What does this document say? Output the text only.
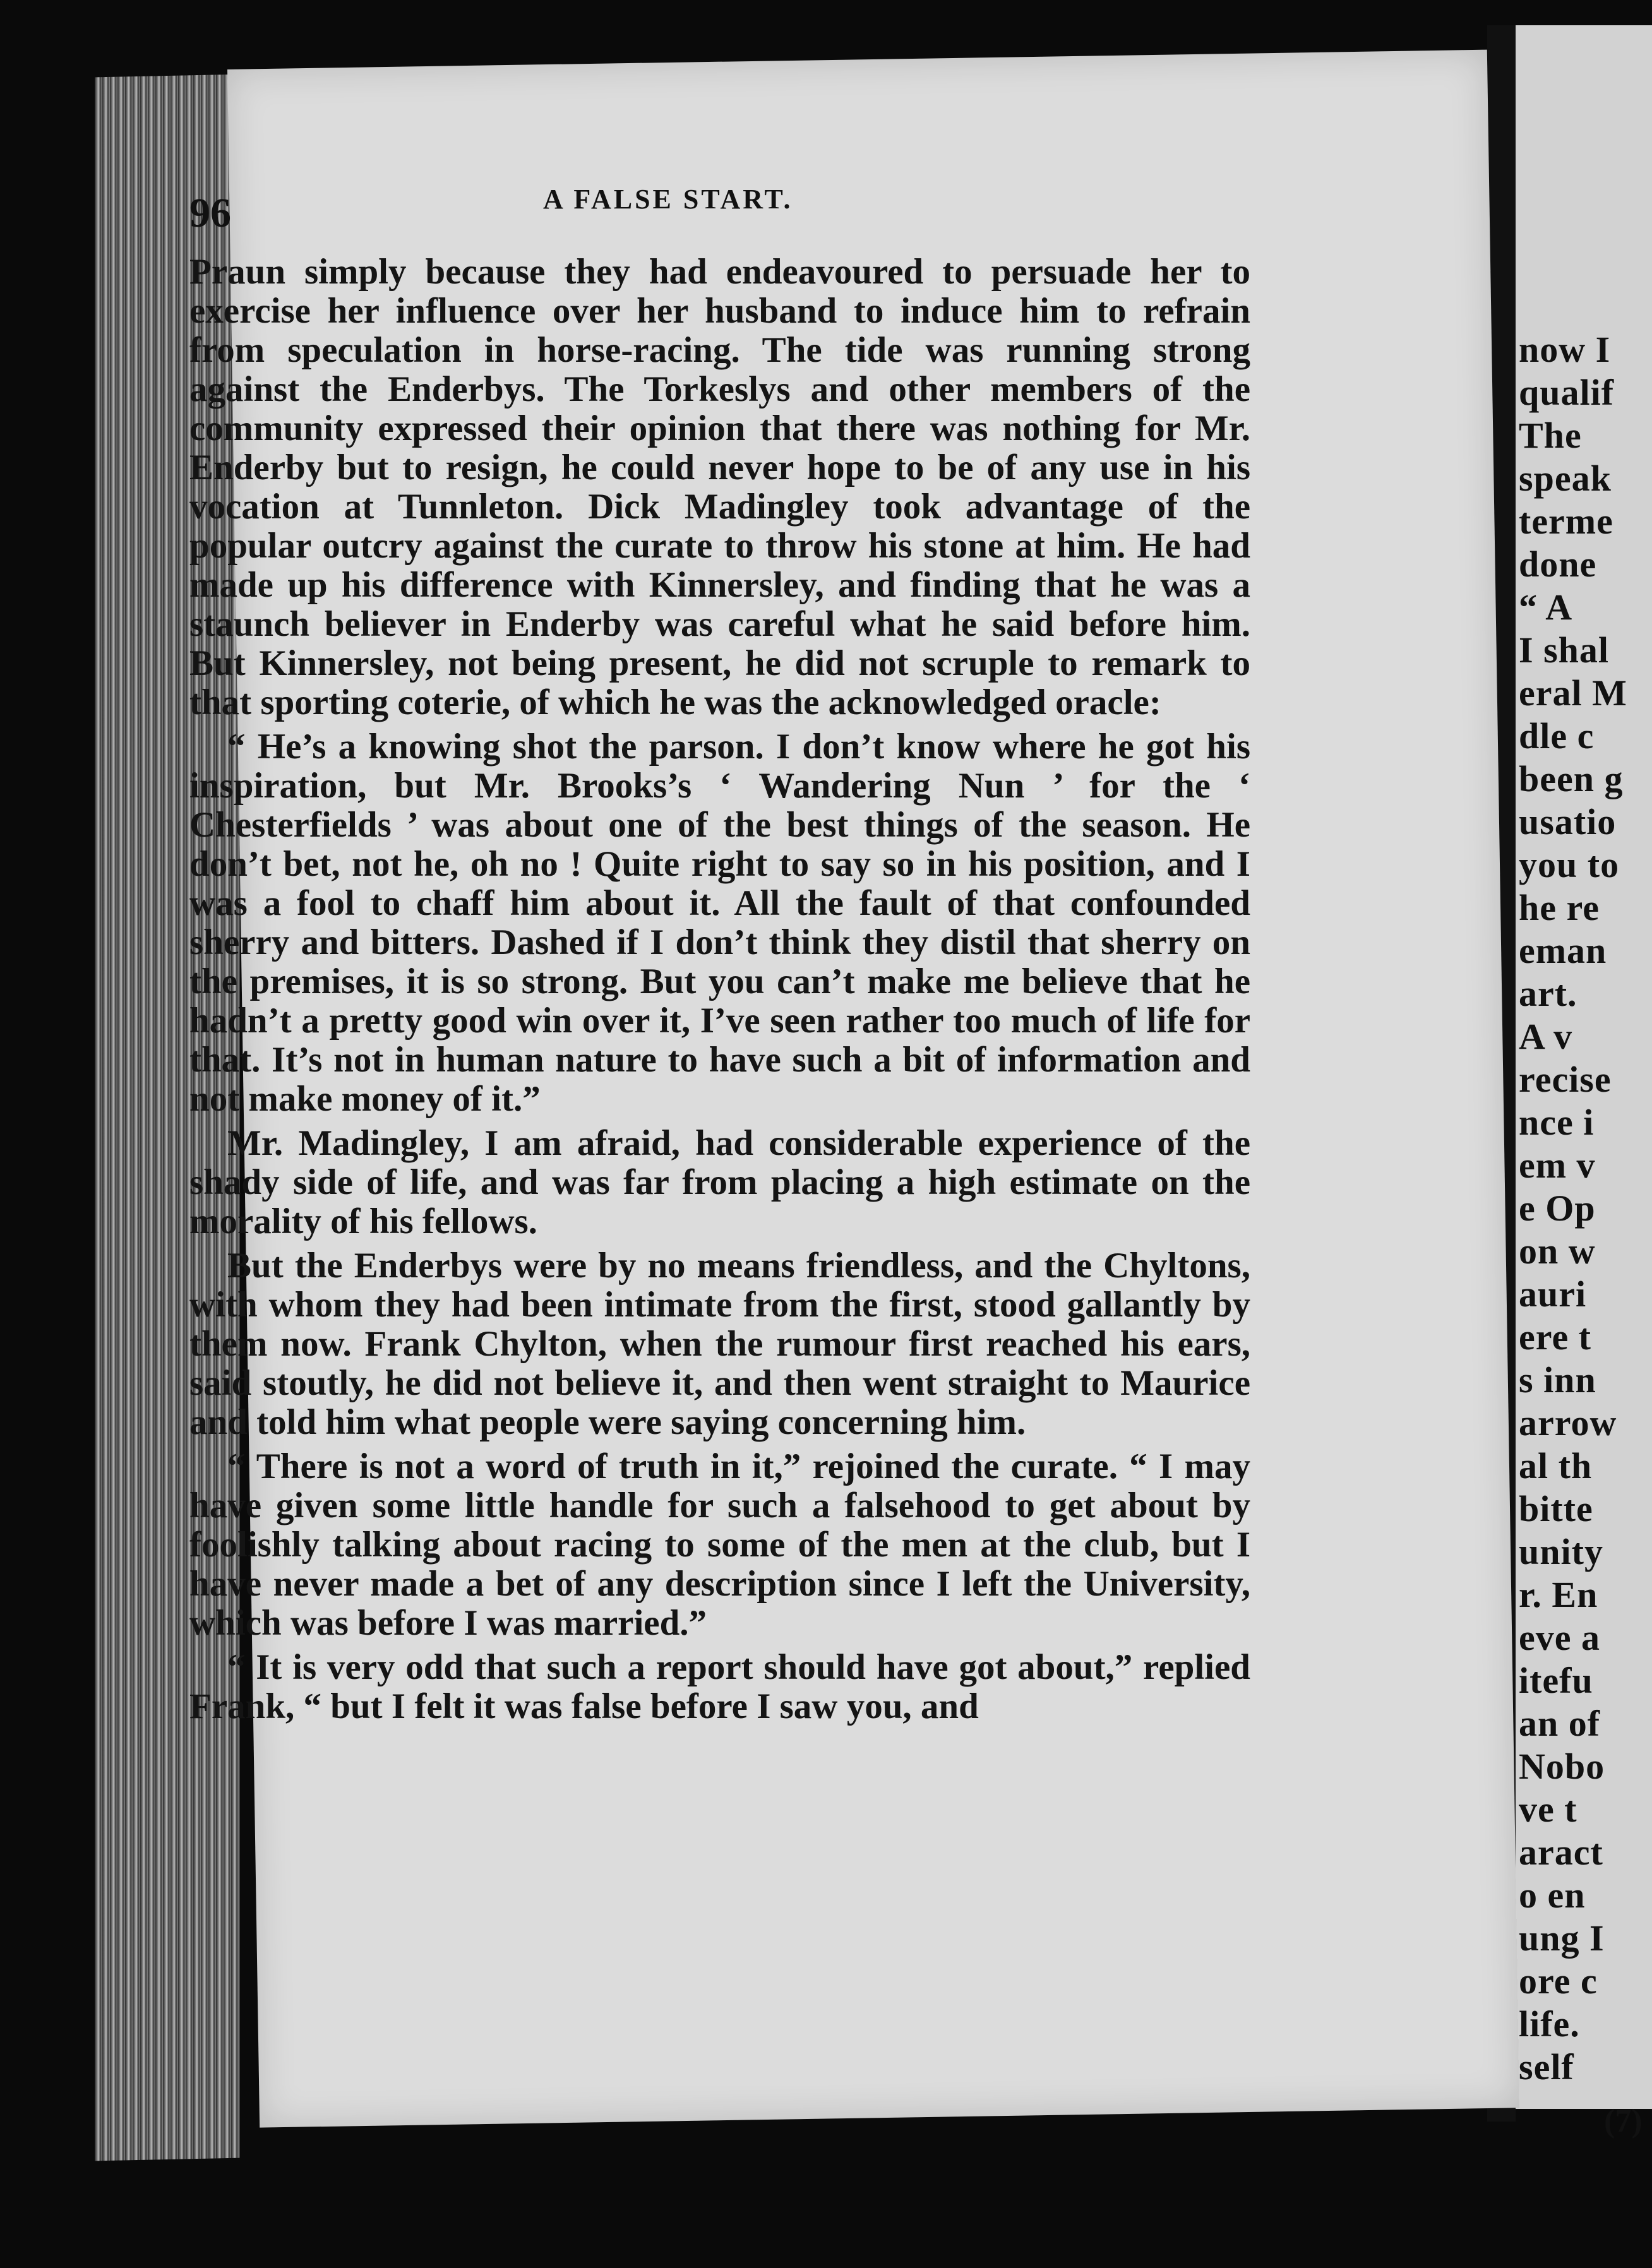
now I
qualif
The
speak
terme
done
“ A
I shal
eral M
dle c
been g
usatio
you to
he re
eman
art.
A v
recise
nce i
em v
e Op
on w
auri
ere t
s inn
arrow
al th
bitte
unity
r. En
eve a
itefu
an of
Nobo
ve t
aract
o en
ung I
ore c
life.
self
96	A FALSE START.

Praun simply because they had endeavoured to persuade her to exercise her influence over her husband to induce him to refrain from speculation in horse-racing. The tide was running strong against the Enderbys. The Torkeslys and other members of the community expressed their opinion that there was nothing for Mr. Enderby but to resign, he could never hope to be of any use in his vocation at Tunnleton. Dick Madingley took advantage of the popular outcry against the curate to throw his stone at him. He had made up his difference with Kinnersley, and finding that he was a staunch believer in Enderby was careful what he said before him. But Kinnersley, not being present, he did not scruple to remark to that sporting coterie, of which he was the acknowledged oracle:

“ He’s a knowing shot the parson. I don’t know where he got his inspiration, but Mr. Brooks’s ‘ Wandering Nun ’ for the ‘ Chesterfields ’ was about one of the best things of the season. He don’t bet, not he, oh no ! Quite right to say so in his position, and I was a fool to chaff him about it. All the fault of that confounded sherry and bitters. Dashed if I don’t think they distil that sherry on the premises, it is so strong. But you can’t make me believe that he hadn’t a pretty good win over it, I’ve seen rather too much of life for that. It’s not in human nature to have such a bit of information and not make money of it.”

Mr. Madingley, I am afraid, had considerable experience of the shady side of life, and was far from placing a high estimate on the morality of his fellows.

But the Enderbys were by no means friendless, and the Chyltons, with whom they had been intimate from the first, stood gallantly by them now. Frank Chylton, when the rumour first reached his ears, said stoutly, he did not believe it, and then went straight to Maurice and told him what people were saying concerning him.

“ There is not a word of truth in it,” rejoined the curate. “ I may have given some little handle for such a falsehood to get about by foolishly talking about racing to some of the men at the club, but I have never made a bet of any description since I left the University, which was before I was married.”

“ It is very odd that such a report should have got about,” replied Frank, “ but I felt it was false before I saw you, and

(7)
